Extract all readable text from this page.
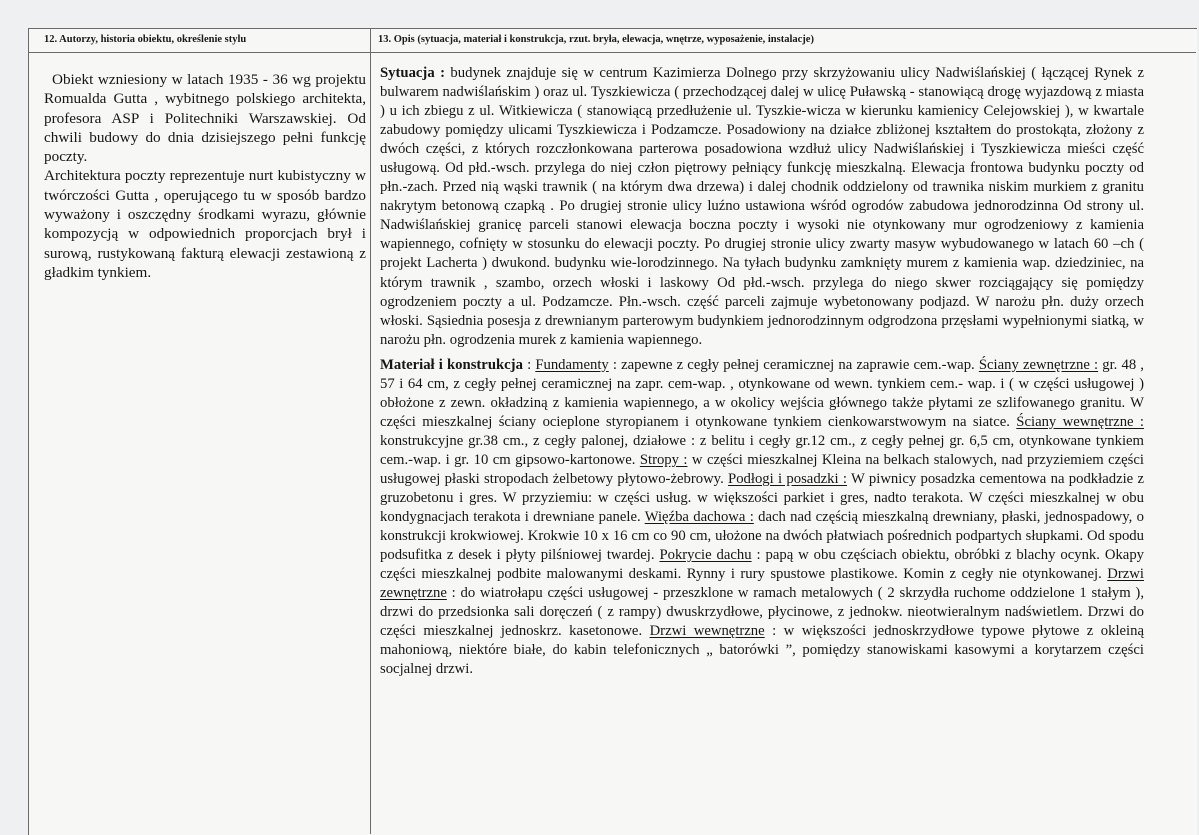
12. Autorzy, historia obiektu, określenie stylu	13. Opis (sytuacja, materiał i konstrukcja, rzut. bryła, elewacja, wnętrze, wyposażenie, instalacje)

Obiekt wzniesiony w latach 1935 - 36 wg projektu Romualda Gutta , wybitnego polskiego architekta, profesora ASP i Politechniki Warszawskiej. Od chwili budowy do dnia dzisiejszego pełni funkcję poczty.

Architektura poczty reprezentuje nurt kubistyczny w twórczości Gutta , operującego tu w sposób bardzo wyważony i oszczędny środkami wyrazu, głównie kompozycją w odpowiednich proporcjach brył i surową, rustykowaną fakturą elewacji zestawioną z gładkim tynkiem.

Sytuacja : budynek znajduje się w centrum Kazimierza Dolnego przy skrzyżowaniu ulicy Nadwiślańskiej ( łączącej Rynek z bulwarem nadwiślańskim ) oraz ul. Tyszkiewicza ( przechodzącej dalej w ulicę Puławską - stanowiącą drogę wyjazdową z miasta ) u ich zbiegu z ul. Witkiewicza ( stanowiącą przedłużenie ul. Tyszkie-wicza w kierunku kamienicy Celejowskiej ), w kwartale zabudowy pomiędzy ulicami Tyszkiewicza i Podzamcze. Posadowiony na działce zbliżonej kształtem do prostokąta, złożony z dwóch części, z których rozczłonkowana parterowa posadowiona wzdłuż ulicy Nadwiślańskiej i Tyszkiewicza mieści część usługową. Od płd.-wsch. przylega do niej człon piętrowy pełniący funkcję mieszkalną. Elewacja frontowa budynku poczty od płn.-zach. Przed nią wąski trawnik ( na którym dwa drzewa) i dalej chodnik oddzielony od trawnika niskim murkiem z granitu nakrytym betonową czapką . Po drugiej stronie ulicy luźno ustawiona wśród ogrodów zabudowa jednorodzinna Od strony ul. Nadwiślańskiej granicę parceli stanowi elewacja boczna poczty i wysoki nie otynkowany mur ogrodzeniowy z kamienia wapiennego, cofnięty w stosunku do elewacji poczty. Po drugiej stronie ulicy zwarty masyw wybudowanego w latach 60 –ch ( projekt Lacherta ) dwukond. budynku wie-lorodzinnego. Na tyłach budynku zamknięty murem z kamienia wap. dziedziniec, na którym trawnik , szambo, orzech włoski i laskowy Od płd.-wsch. przylega do niego skwer rozciągający się pomiędzy ogrodzeniem poczty a ul. Podzamcze. Płn.-wsch. część parceli zajmuje wybetonowany podjazd. W narożu płn. duży orzech włoski. Sąsiednia posesja z drewnianym parterowym budynkiem jednorodzinnym odgrodzona przęsłami wypełnionymi siatką, w narożu płn. ogrodzenia murek z kamienia wapiennego.

Materiał i konstrukcja : Fundamenty : zapewne z cegły pełnej ceramicznej na zaprawie cem.-wap. Ściany zewnętrzne : gr. 48 , 57 i 64 cm, z cegły pełnej ceramicznej na zapr. cem-wap. , otynkowane od wewn. tynkiem cem.- wap. i ( w części usługowej ) obłożone z zewn. okładziną z kamienia wapiennego, a w okolicy wejścia głównego także płytami ze szlifowanego granitu. W części mieszkalnej ściany ocieplone styropianem i otynkowane tynkiem cienkowarstwowym na siatce. Ściany wewnętrzne : konstrukcyjne gr.38 cm., z cegły palonej, działowe : z belitu i cegły gr.12 cm., z cegły pełnej gr. 6,5 cm, otynkowane tynkiem cem.-wap. i gr. 10 cm gipsowo-kartonowe. Stropy : w części mieszkalnej Kleina na belkach stalowych, nad przyziemiem części usługowej płaski stropodach żelbetowy płytowo-żebrowy. Podłogi i posadzki : W piwnicy posadzka cementowa na podkładzie z gruzobetonu i gres. W przyziemiu: w części usług. w większości parkiet i gres, nadto terakota. W części mieszkalnej w obu kondygnacjach terakota i drewniane panele. Więźba dachowa : dach nad częścią mieszkalną drewniany, płaski, jednospadowy, o konstrukcji krokwiowej. Krokwie 10 x 16 cm co 90 cm, ułożone na dwóch płatwiach pośrednich podpartych słupkami. Od spodu podsufitka z desek i płyty pilśniowej twardej. Pokrycie dachu : papą w obu częściach obiektu, obróbki z blachy ocynk. Okapy części mieszkalnej podbite malowanymi deskami. Rynny i rury spustowe plastikowe. Komin z cegły nie otynkowanej. Drzwi zewnętrzne : do wiatrołapu części usługowej - przeszklone w ramach metalowych ( 2 skrzydła ruchome oddzielone 1 stałym ), drzwi do przedsionka sali doręczeń ( z rampy) dwuskrzydłowe, płycinowe, z jednokw. nieotwieralnym nadświetlem. Drzwi do części mieszkalnej jednoskrz. kasetonowe. Drzwi wewnętrzne : w większości jednoskrzydłowe typowe płytowe z okleiną mahoniową, niektóre białe, do kabin telefonicznych „ batorówki ”, pomiędzy stanowiskami kasowymi a korytarzem części socjalnej drzwi.
